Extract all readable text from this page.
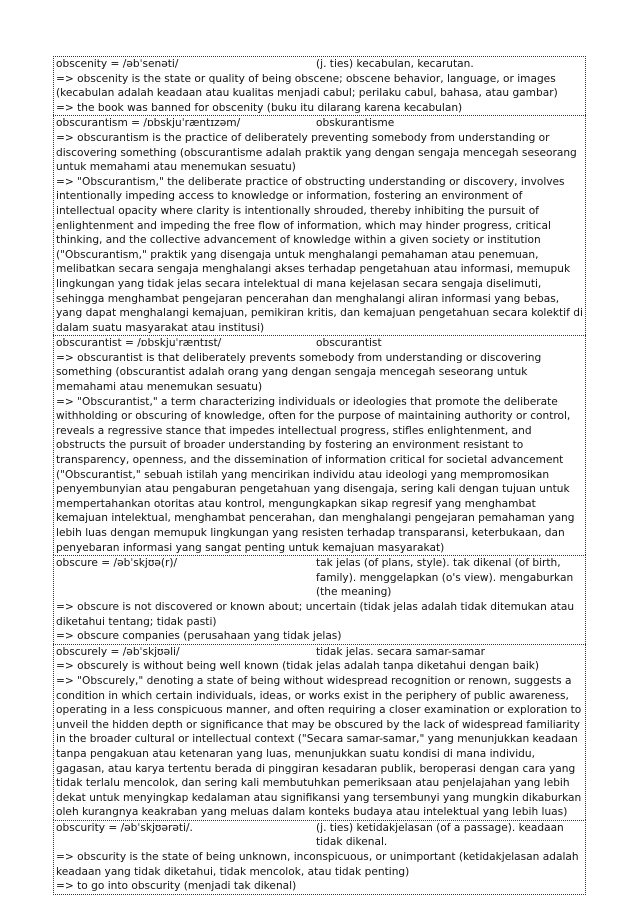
obscenity = /əbˈsenəti/	(j. ties) kecabulan, kecarutan.

=> obscenity is the state or quality of being obscene; obscene behavior, language, or images (kecabulan adalah keadaan atau kualitas menjadi cabul; perilaku cabul, bahasa, atau gambar)

=> the book was banned for obscenity (buku itu dilarang karena kecabulan)

obscurantism = /ɒbskjuˈræntɪzəm/	obskurantisme

=> obscurantism is the practice of deliberately preventing somebody from understanding or discovering something (obscurantisme adalah praktik yang dengan sengaja mencegah seseorang untuk memahami atau menemukan sesuatu)

=> "Obscurantism," the deliberate practice of obstructing understanding or discovery, involves intentionally impeding access to knowledge or information, fostering an environment of intellectual opacity where clarity is intentionally shrouded, thereby inhibiting the pursuit of enlightenment and impeding the free flow of information, which may hinder progress, critical thinking, and the collective advancement of knowledge within a given society or institution ("Obscurantism," praktik yang disengaja untuk menghalangi pemahaman atau penemuan, melibatkan secara sengaja menghalangi akses terhadap pengetahuan atau informasi, memupuk lingkungan yang tidak jelas secara intelektual di mana kejelasan secara sengaja diselimuti, sehingga menghambat pengejaran pencerahan dan menghalangi aliran informasi yang bebas, yang dapat menghalangi kemajuan, pemikiran kritis, dan kemajuan pengetahuan secara kolektif di dalam suatu masyarakat atau institusi)

obscurantist = /ɒbskjuˈræntɪst/	obscurantist

=> obscurantist is that deliberately prevents somebody from understanding or discovering something (obscurantist adalah orang yang dengan sengaja mencegah seseorang untuk memahami atau menemukan sesuatu)

=> "Obscurantist," a term characterizing individuals or ideologies that promote the deliberate withholding or obscuring of knowledge, often for the purpose of maintaining authority or control, reveals a regressive stance that impedes intellectual progress, stifles enlightenment, and obstructs the pursuit of broader understanding by fostering an environment resistant to transparency, openness, and the dissemination of information critical for societal advancement ("Obscurantist," sebuah istilah yang mencirikan individu atau ideologi yang mempromosikan penyembunyian atau pengaburan pengetahuan yang disengaja, sering kali dengan tujuan untuk mempertahankan otoritas atau kontrol, mengungkapkan sikap regresif yang menghambat kemajuan intelektual, menghambat pencerahan, dan menghalangi pengejaran pemahaman yang lebih luas dengan memupuk lingkungan yang resisten terhadap transparansi, keterbukaan, dan penyebaran informasi yang sangat penting untuk kemajuan masyarakat)

obscure = /əbˈskjʊə(r)/	tak jelas (of plans, style). tak dikenal (of birth, family). menggelapkan (o's view). mengaburkan (the meaning)

=> obscure is not discovered or known about; uncertain (tidak jelas adalah tidak ditemukan atau diketahui tentang; tidak pasti)

=> obscure companies (perusahaan yang tidak jelas)

obscurely = /əbˈskjʊəli/	tidak jelas. secara samar-samar

=> obscurely is without being well known (tidak jelas adalah tanpa diketahui dengan baik)

=> "Obscurely," denoting a state of being without widespread recognition or renown, suggests a condition in which certain individuals, ideas, or works exist in the periphery of public awareness, operating in a less conspicuous manner, and often requiring a closer examination or exploration to unveil the hidden depth or significance that may be obscured by the lack of widespread familiarity in the broader cultural or intellectual context ("Secara samar-samar," yang menunjukkan keadaan tanpa pengakuan atau ketenaran yang luas, menunjukkan suatu kondisi di mana individu, gagasan, atau karya tertentu berada di pinggiran kesadaran publik, beroperasi dengan cara yang tidak terlalu mencolok, dan sering kali membutuhkan pemeriksaan atau penjelajahan yang lebih dekat untuk menyingkap kedalaman atau signifikansi yang tersembunyi yang mungkin dikaburkan oleh kurangnya keakraban yang meluas dalam konteks budaya atau intelektual yang lebih luas)

obscurity = /əbˈskjʊərəti/.	(j. ties) ketidakjelasan (of a passage). keadaan tidak dikenal.

=> obscurity is the state of being unknown, inconspicuous, or unimportant (ketidakjelasan adalah keadaan yang tidak diketahui, tidak mencolok, atau tidak penting)

=> to go into obscurity (menjadi tak dikenal)
